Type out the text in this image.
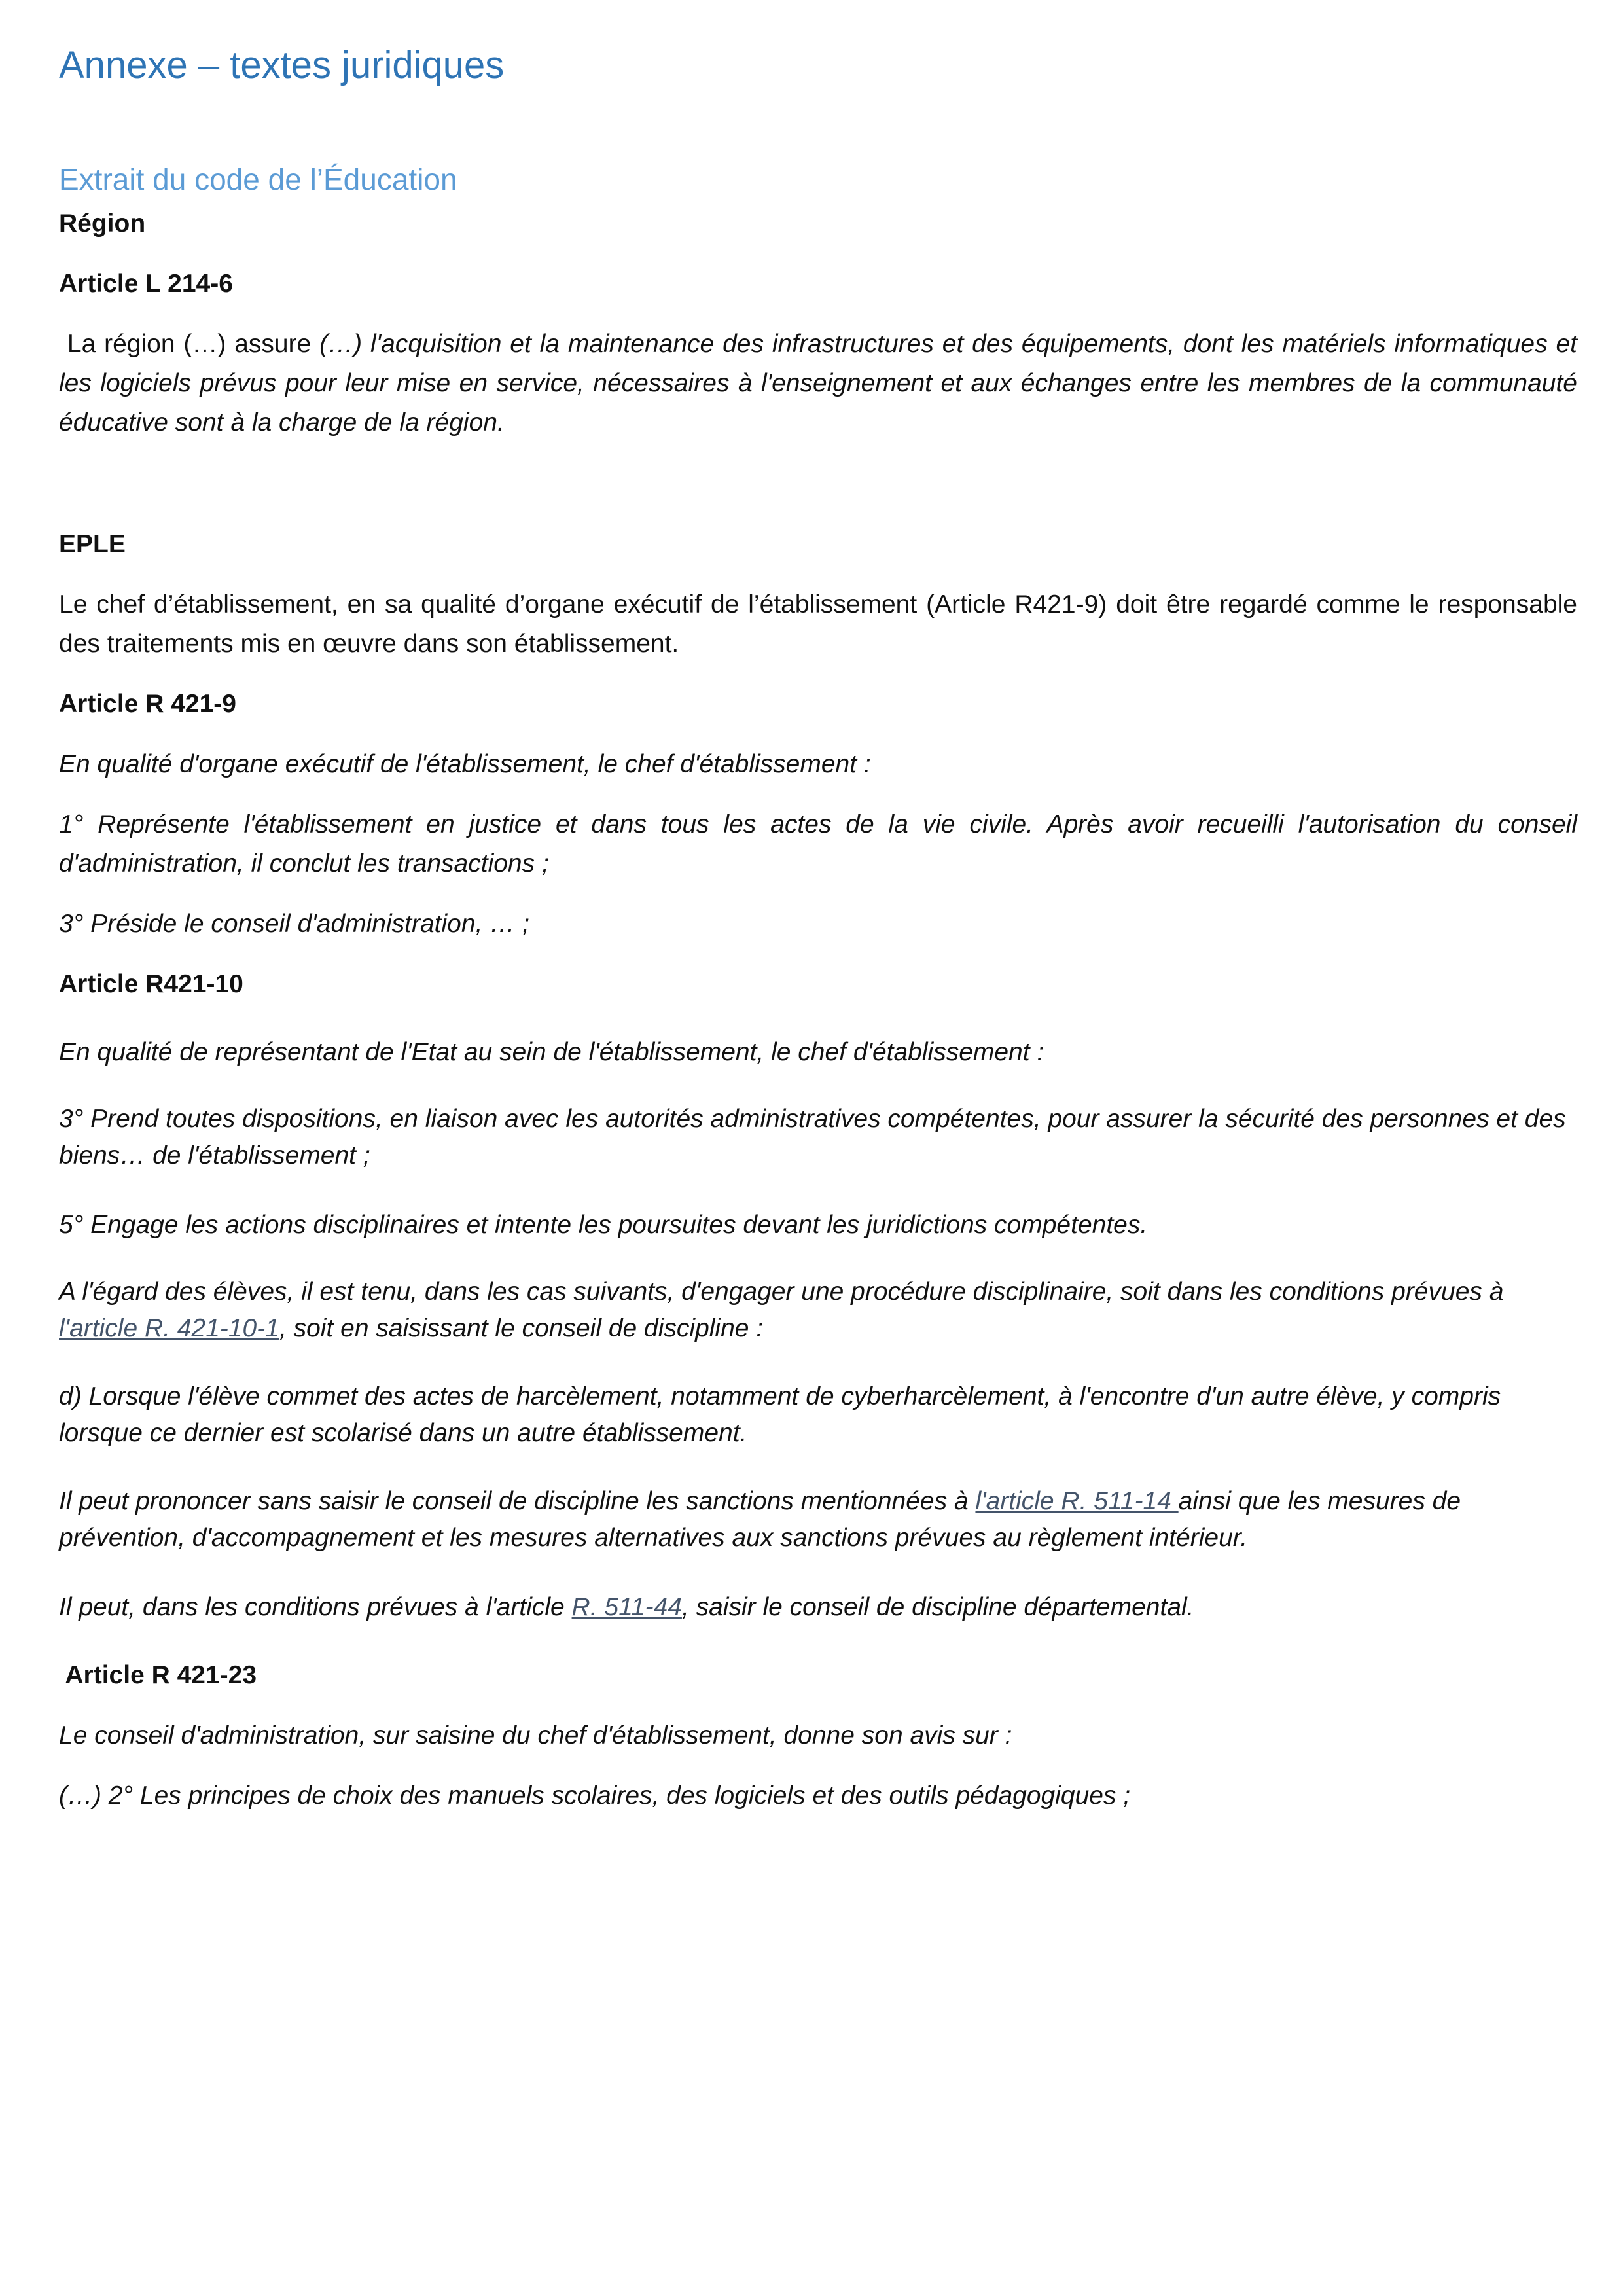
Annexe – textes juridiques
Extrait du code de l’Éducation

Région

Article L 214-6

La région (…) assure (…) l'acquisition et la maintenance des infrastructures et des équipements, dont les matériels informatiques et les logiciels prévus pour leur mise en service, nécessaires à l'enseignement et aux échanges entre les membres de la communauté éducative sont à la charge de la région.

EPLE

Le chef d’établissement, en sa qualité d’organe exécutif de l’établissement (Article R421-9) doit être regardé comme le responsable des traitements mis en œuvre dans son établissement.

Article R 421-9

En qualité d'organe exécutif de l'établissement, le chef d'établissement :

1° Représente l'établissement en justice et dans tous les actes de la vie civile. Après avoir recueilli l'autorisation du conseil d'administration, il conclut les transactions ;

3° Préside le conseil d'administration, … ;

Article R421-10

En qualité de représentant de l'Etat au sein de l'établissement, le chef d'établissement :

3° Prend toutes dispositions, en liaison avec les autorités administratives compétentes, pour assurer la sécurité des personnes et des biens… de l'établissement ;

5° Engage les actions disciplinaires et intente les poursuites devant les juridictions compétentes.

A l'égard des élèves, il est tenu, dans les cas suivants, d'engager une procédure disciplinaire, soit dans les conditions prévues à l'article R. 421-10-1, soit en saisissant le conseil de discipline :

d) Lorsque l'élève commet des actes de harcèlement, notamment de cyberharcèlement, à l'encontre d'un autre élève, y compris lorsque ce dernier est scolarisé dans un autre établissement.

Il peut prononcer sans saisir le conseil de discipline les sanctions mentionnées à l'article R. 511-14 ainsi que les mesures de prévention, d'accompagnement et les mesures alternatives aux sanctions prévues au règlement intérieur.

Il peut, dans les conditions prévues à l'article R. 511-44, saisir le conseil de discipline départemental.

Article R 421-23

Le conseil d'administration, sur saisine du chef d'établissement, donne son avis sur :

(…) 2° Les principes de choix des manuels scolaires, des logiciels et des outils pédagogiques ;
